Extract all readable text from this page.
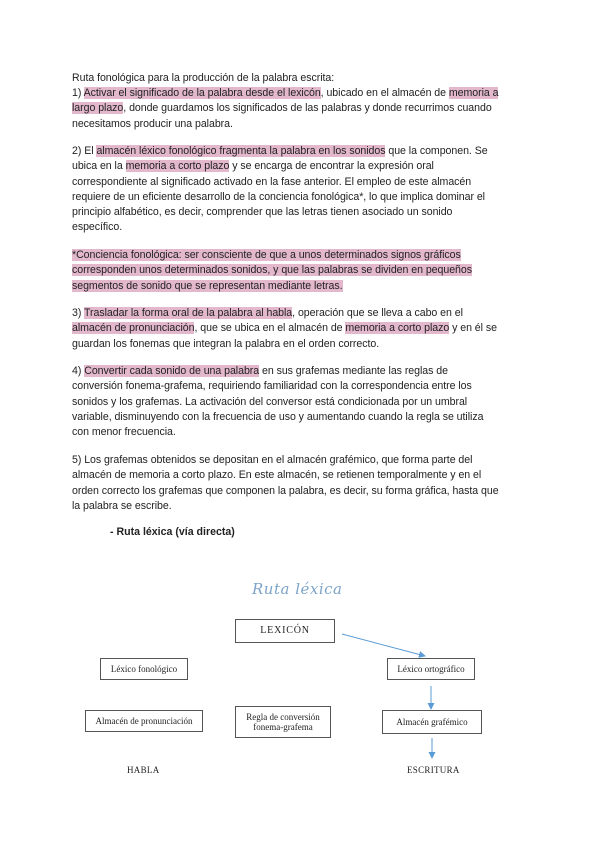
Ruta fonológica para la producción de la palabra escrita:

1) Activar el significado de la palabra desde el lexicón, ubicado en el almacén de memoria a largo plazo, donde guardamos los significados de las palabras y donde recurrimos cuando necesitamos producir una palabra.

2) El almacén léxico fonológico fragmenta la palabra en los sonidos que la componen. Se ubica en la memoria a corto plazo y se encarga de encontrar la expresión oral correspondiente al significado activado en la fase anterior. El empleo de este almacén requiere de un eficiente desarrollo de la conciencia fonológica*, lo que implica dominar el principio alfabético, es decir, comprender que las letras tienen asociado un sonido específico.

*Conciencia fonológica: ser consciente de que a unos determinados signos gráficos corresponden unos determinados sonidos, y que las palabras se dividen en pequeños segmentos de sonido que se representan mediante letras.

3) Trasladar la forma oral de la palabra al habla, operación que se lleva a cabo en el almacén de pronunciación, que se ubica en el almacén de memoria a corto plazo y en él se guardan los fonemas que integran la palabra en el orden correcto.

4) Convertir cada sonido de una palabra en sus grafemas mediante las reglas de conversión fonema-grafema, requiriendo familiaridad con la correspondencia entre los sonidos y los grafemas. La activación del conversor está condicionada por un umbral variable, disminuyendo con la frecuencia de uso y aumentando cuando la regla se utiliza con menor frecuencia.

5) Los grafemas obtenidos se depositan en el almacén grafémico, que forma parte del almacén de memoria a corto plazo. En este almacén, se retienen temporalmente y en el orden correcto los grafemas que componen la palabra, es decir, su forma gráfica, hasta que la palabra se escribe.

- Ruta léxica (vía directa)
Ruta léxica
LEXICÓN
Léxico fonológico	Léxico ortográfico
Almacén de pronunciación	Regla de conversión
fonema-grafema	Almacén grafémico
HABLA	ESCRITURA
